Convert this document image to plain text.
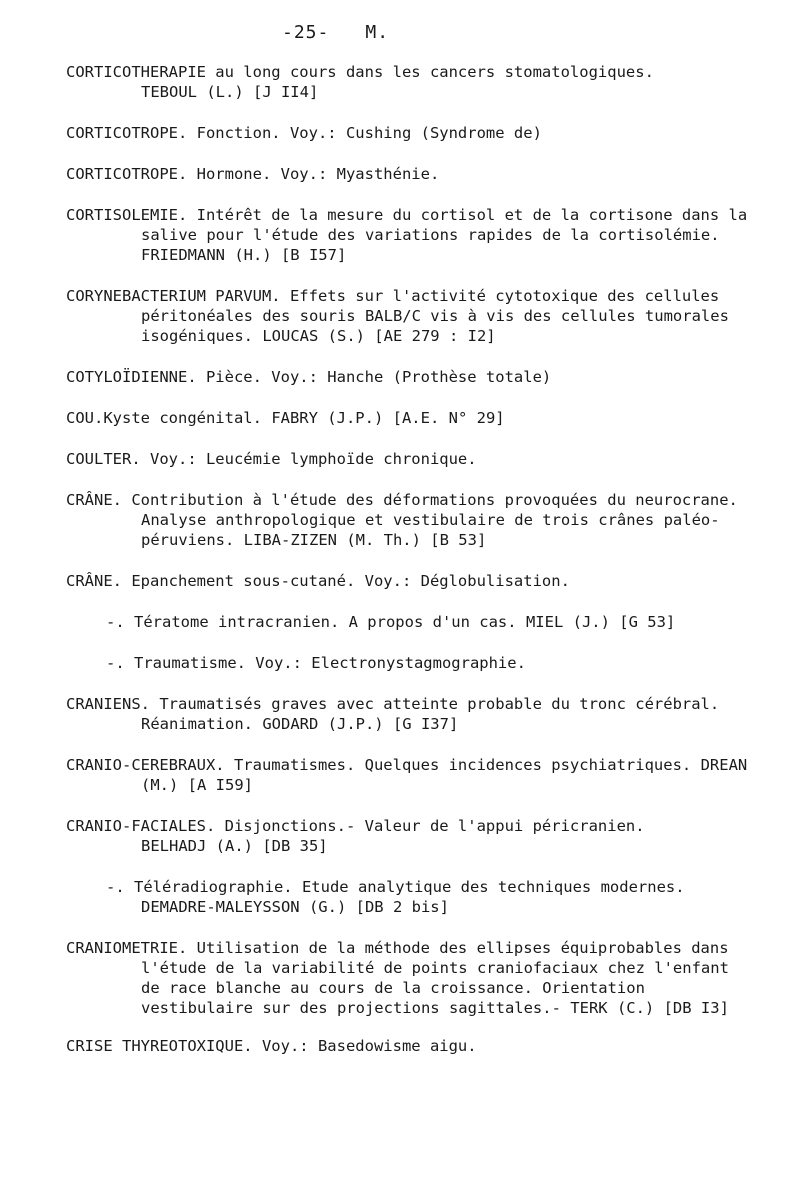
-25- M.
CORTICOTHERAPIE au long cours dans les cancers stomatologiques.
TEBOUL (L.) [J II4]
CORTICOTROPE. Fonction. Voy.: Cushing (Syndrome de)
CORTICOTROPE. Hormone. Voy.: Myasthénie.
CORTISOLEMIE. Intérêt de la mesure du cortisol et de la cortisone dans la salive pour l'étude des variations rapides de la cortisolémie. FRIEDMANN (H.) [B I57]
CORYNEBACTERIUM PARVUM. Effets sur l'activité cytotoxique des cellules péritonéales des souris BALB/C vis à vis des cellules tumorales isogéniques. LOUCAS (S.) [AE 279 : I2]
COTYLOÏDIENNE. Pièce. Voy.: Hanche (Prothèse totale)
COU.Kyste congénital. FABRY (J.P.) [A.E. N° 29]
COULTER. Voy.: Leucémie lymphoïde chronique.
CRÂNE. Contribution à l'étude des déformations provoquées du neurocrane. Analyse anthropologique et vestibulaire de trois crânes paléo-péruviens. LIBA-ZIZEN (M. Th.) [B 53]
CRÂNE. Epanchement sous-cutané. Voy.: Déglobulisation.
-. Tératome intracranien. A propos d'un cas. MIEL (J.) [G 53]
-. Traumatisme. Voy.: Electronystagmographie.
CRANIENS. Traumatisés graves avec atteinte probable du tronc cérébral. Réanimation. GODARD (J.P.) [G I37]
CRANIO-CEREBRAUX. Traumatismes. Quelques incidences psychiatriques. DREAN (M.) [A I59]
CRANIO-FACIALES. Disjonctions.- Valeur de l'appui péricranien.
BELHADJ (A.) [DB 35]
-. Téléradiographie. Etude analytique des techniques modernes.
DEMADRE-MALEYSSON (G.) [DB 2 bis]
CRANIOMETRIE. Utilisation de la méthode des ellipses équiprobables dans l'étude de la variabilité de points craniofaciaux chez l'enfant de race blanche au cours de la croissance. Orientation vestibulaire sur des projections sagittales.- TERK (C.) [DB I3]
CRISE THYREOTOXIQUE. Voy.: Basedowisme aigu.
